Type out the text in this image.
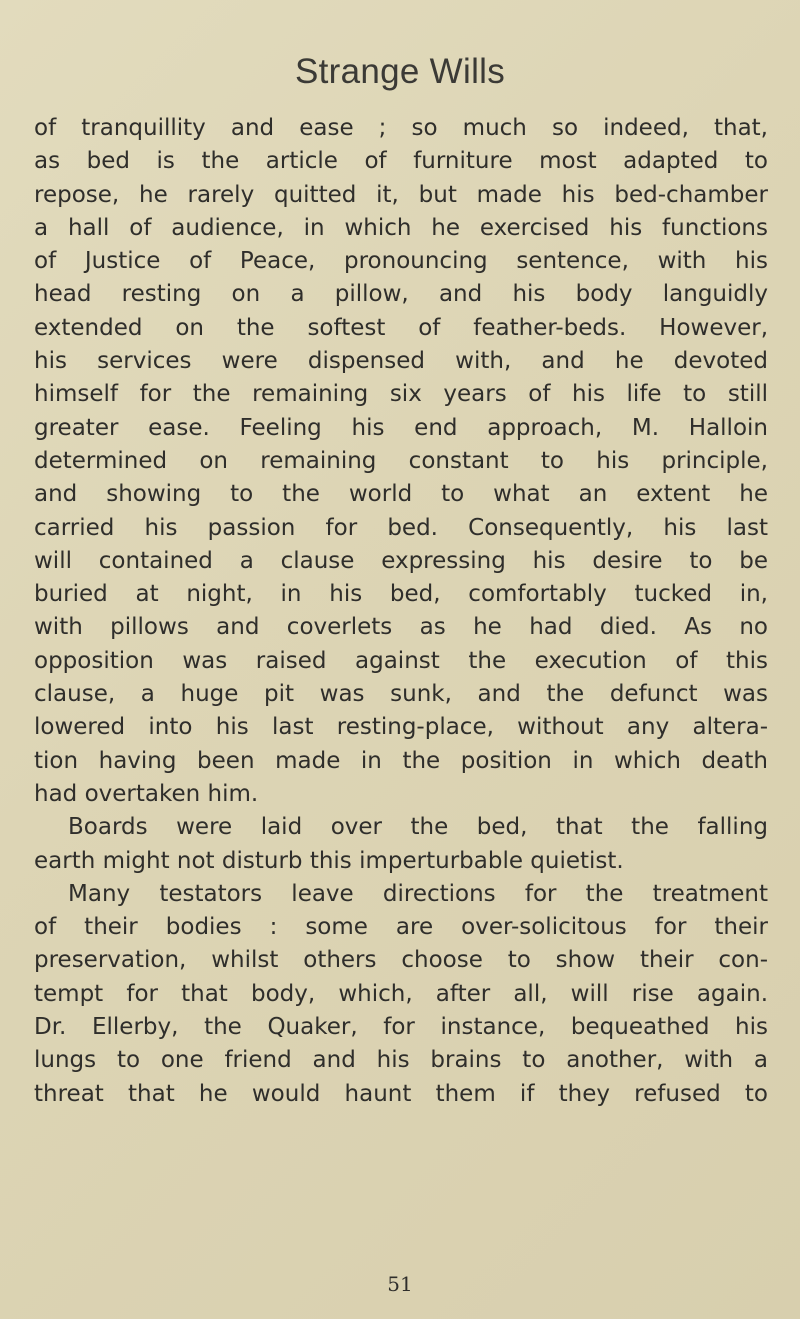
Strange Wills
of tranquillity and ease ; so much so indeed, that,
as bed is the article of furniture most adapted to
repose, he rarely quitted it, but made his bed-chamber
a hall of audience, in which he exercised his functions
of Justice of Peace, pronouncing sentence, with his
head resting on a pillow, and his body languidly
extended on the softest of feather-beds. However,
his services were dispensed with, and he devoted
himself for the remaining six years of his life to still
greater ease. Feeling his end approach, M. Halloin
determined on remaining constant to his principle,
and showing to the world to what an extent he
carried his passion for bed. Consequently, his last
will contained a clause expressing his desire to be
buried at night, in his bed, comfortably tucked in,
with pillows and coverlets as he had died. As no
opposition was raised against the execution of this
clause, a huge pit was sunk, and the defunct was
lowered into his last resting-place, without any altera-
tion having been made in the position in which death
had overtaken him.
Boards were laid over the bed, that the falling
earth might not disturb this imperturbable quietist.
Many testators leave directions for the treatment
of their bodies : some are over-solicitous for their
preservation, whilst others choose to show their con-
tempt for that body, which, after all, will rise again.
Dr. Ellerby, the Quaker, for instance, bequeathed his
lungs to one friend and his brains to another, with a
threat that he would haunt them if they refused to
51
